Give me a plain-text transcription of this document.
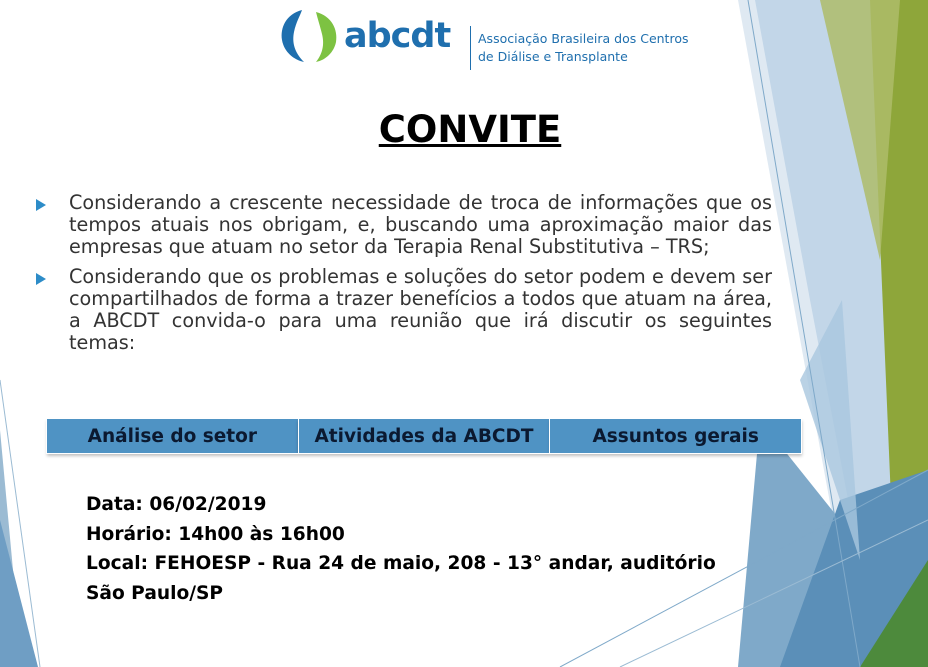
abcdt Associação Brasileira dos Centros
de Diálise e Transplante
CONVITE
Considerando a crescente necessidade de troca de informações que os tempos atuais nos obrigam, e, buscando uma aproximação maior das empresas que atuam no setor da Terapia Renal Substitutiva – TRS;
Considerando que os problemas e soluções do setor podem e devem ser compartilhados de forma a trazer benefícios a todos que atuam na área, a ABCDT convida-o para uma reunião que irá discutir os seguintes temas:
Análise do setor	Atividades da ABCDT	Assuntos gerais
Data: 06/02/2019
Horário: 14h00 às 16h00
Local: FEHOESP - Rua 24 de maio, 208 - 13° andar, auditório
São Paulo/SP
